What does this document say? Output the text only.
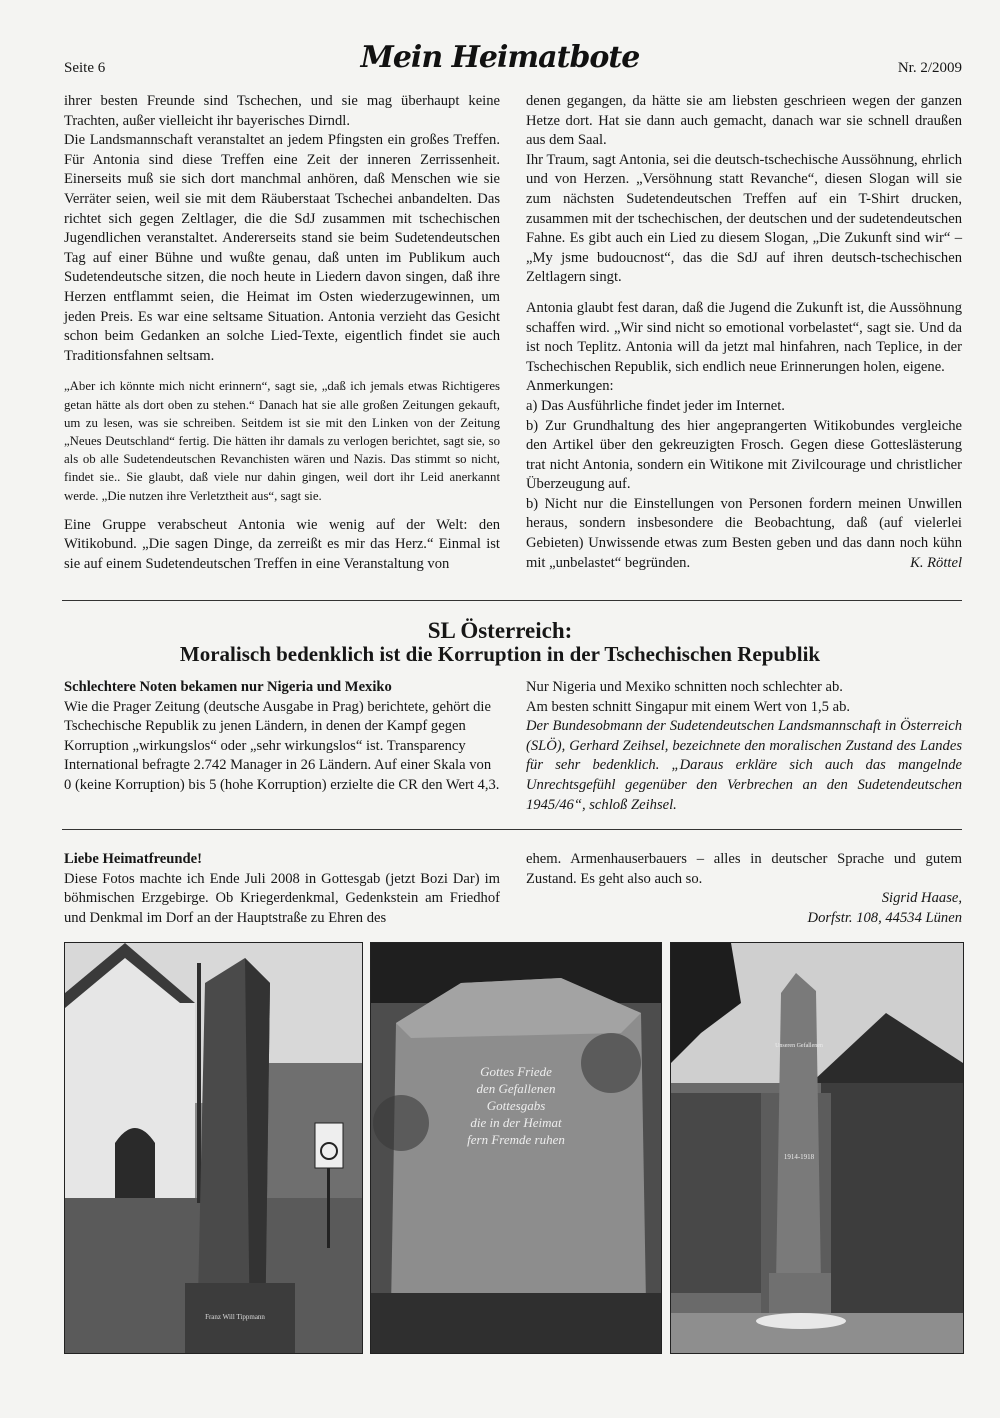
Seite 6	Mein Heimatbote	Nr. 2/2009

ihrer besten Freunde sind Tschechen, und sie mag überhaupt keine Trachten, außer vielleicht ihr bayerisches Dirndl.

Die Landsmannschaft veranstaltet an jedem Pfingsten ein großes Treffen. Für Antonia sind diese Treffen eine Zeit der inneren Zerrissenheit. Einerseits muß sie sich dort manchmal anhören, daß Menschen wie sie Verräter seien, weil sie mit dem Räuberstaat Tschechei anbandelten. Das richtet sich gegen Zeltlager, die die SdJ zusammen mit tschechischen Jugendlichen veranstaltet. Andererseits stand sie beim Sudetendeutschen Tag auf einer Bühne und wußte genau, daß unten im Publikum auch Sudetendeutsche sitzen, die noch heute in Liedern davon singen, daß ihre Herzen entflammt seien, die Heimat im Osten wiederzugewinnen, um jeden Preis. Es war eine seltsame Situation. Antonia verzieht das Gesicht schon beim Gedanken an solche Lied-Texte, eigentlich findet sie auch Traditionsfahnen seltsam.

„Aber ich könnte mich nicht erinnern“, sagt sie, „daß ich jemals etwas Richtigeres getan hätte als dort oben zu stehen.“ Danach hat sie alle großen Zeitungen gekauft, um zu lesen, was sie schreiben. Seitdem ist sie mit den Linken von der Zeitung „Neues Deutschland“ fertig. Die hätten ihr damals zu verlogen berichtet, sagt sie, so als ob alle Sudetendeutschen Revanchisten wären und Nazis. Das stimmt so nicht, findet sie.. Sie glaubt, daß viele nur dahin gingen, weil dort ihr Leid anerkannt werde. „Die nutzen ihre Verletztheit aus“, sagt sie.

Eine Gruppe verabscheut Antonia wie wenig auf der Welt: den Witikobund. „Die sagen Dinge, da zerreißt es mir das Herz.“ Einmal ist sie auf einem Sudetendeutschen Treffen in eine Veranstaltung von

denen gegangen, da hätte sie am liebsten geschrieen wegen der ganzen Hetze dort. Hat sie dann auch gemacht, danach war sie schnell draußen aus dem Saal.

Ihr Traum, sagt Antonia, sei die deutsch-tschechische Aussöhnung, ehrlich und von Herzen. „Versöhnung statt Revanche“, diesen Slogan will sie zum nächsten Sudetendeutschen Treffen auf ein T-Shirt drucken, zusammen mit der tschechischen, der deutschen und der sudetendeutschen Fahne. Es gibt auch ein Lied zu diesem Slogan, „Die Zukunft sind wir“ – „My jsme budoucnost“, das die SdJ auf ihren deutsch-tschechischen Zeltlagern singt.

Antonia glaubt fest daran, daß die Jugend die Zukunft ist, die Aussöhnung schaffen wird. „Wir sind nicht so emotional vorbelastet“, sagt sie. Und da ist noch Teplitz. Antonia will da jetzt mal hinfahren, nach Teplice, in der Tschechischen Republik, sich endlich neue Erinnerungen holen, eigene.

Anmerkungen:

a) Das Ausführliche findet jeder im Internet.

b) Zur Grundhaltung des hier angeprangerten Witikobundes vergleiche den Artikel über den gekreuzigten Frosch. Gegen diese Gotteslästerung trat nicht Antonia, sondern ein Witikone mit Zivilcourage und christlicher Überzeugung auf.

b) Nicht nur die Einstellungen von Personen fordern meinen Unwillen heraus, sondern insbesondere die Beobachtung, daß (auf vielerlei Gebieten) Unwissende etwas zum Besten geben und das dann noch kühn mit „unbelastet“ begründen.	K. Röttel

SL Österreich:
Moralisch bedenklich ist die Korruption in der Tschechischen Republik

Schlechtere Noten bekamen nur Nigeria und Mexiko

Wie die Prager Zeitung (deutsche Ausgabe in Prag) berichtete, gehört die Tschechische Republik zu jenen Ländern, in denen der Kampf gegen Korruption „wirkungslos“ oder „sehr wirkungslos“ ist. Transparency International befragte 2.742 Manager in 26 Ländern. Auf einer Skala von 0 (keine Korruption) bis 5 (hohe Korruption) erzielte die CR den Wert 4,3.

Nur Nigeria und Mexiko schnitten noch schlechter ab.

Am besten schnitt Singapur mit einem Wert von 1,5 ab.

Der Bundesobmann der Sudetendeutschen Landsmannschaft in Österreich (SLÖ), Gerhard Zeihsel, bezeichnete den moralischen Zustand des Landes für sehr bedenklich. „Daraus erkläre sich auch das mangelnde Unrechtsgefühl gegenüber den Verbrechen an den Sudetendeutschen 1945/46“, schloß Zeihsel.

Liebe Heimatfreunde!

Diese Fotos machte ich Ende Juli 2008 in Gottesgab (jetzt Bozi Dar) im böhmischen Erzgebirge. Ob Kriegerdenkmal, Gedenkstein am Friedhof und Denkmal im Dorf an der Hauptstraße zu Ehren des

ehem. Armenhauserbauers – alles in deutscher Sprache und gutem Zustand. Es geht also auch so.

Sigrid Haase,

Dorfstr. 108, 44534 Lünen

Franz Will Tippmann
Gottes Friede
den Gefallenen
Gottesgabs
die in der Heimat
fern Fremde ruhen
Unseren Gefallenen
1914-1918
